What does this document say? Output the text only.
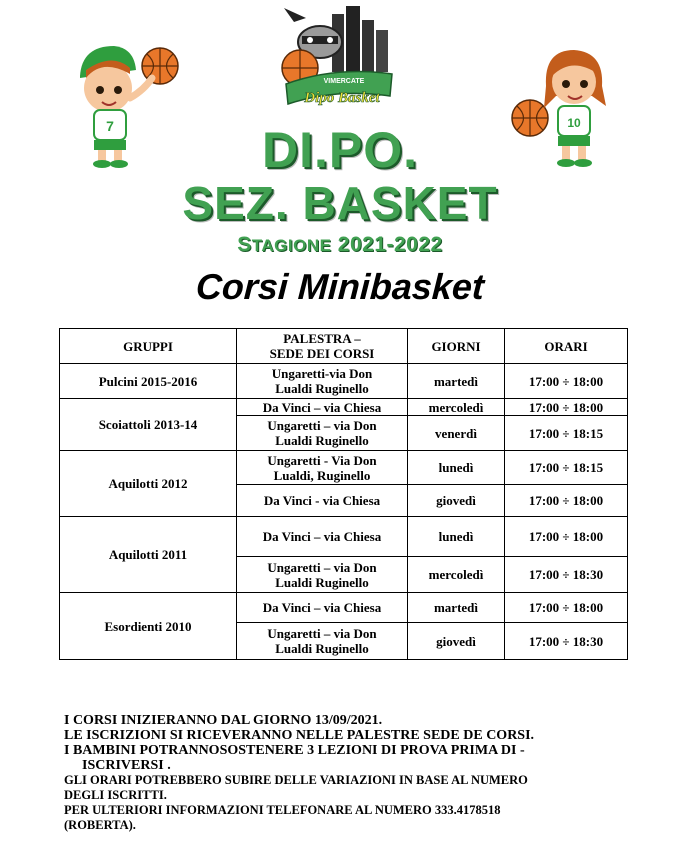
7
VIMERCATE
Dipo Basket
10
DI.PO.
SEZ. BASKET
STAGIONE 2021-2022
Corsi Minibasket
GRUPPI	PALESTRA –
SEDE DEI CORSI	GIORNI	ORARI
Pulcini 2015-2016	Ungaretti-via Don
Lualdi Ruginello	martedì	17:00 ÷ 18:00
Scoiattoli 2013-14	Da Vinci – via Chiesa	mercoledì	17:00 ÷ 18:00

	Ungaretti – via Don
Lualdi Ruginello	venerdì	17:00 ÷ 18:15
Aquilotti 2012	Ungaretti - Via Don
Lualdi, Ruginello	lunedì	17:00 ÷ 18:15
	Da Vinci - via Chiesa	giovedì	17:00 ÷ 18:00
Aquilotti 2011	Da Vinci – via Chiesa	lunedì	17:00 ÷ 18:00

	Ungaretti – via Don
Lualdi Ruginello	mercoledì	17:00 ÷ 18:30
Esordienti 2010	Da Vinci – via Chiesa	martedì	17:00 ÷ 18:00

	Ungaretti – via Don
Lualdi Ruginello	giovedì	17:00 ÷ 18:30
I CORSI INIZIERANNO DAL GIORNO 13/09/2021.
LE ISCRIZIONI SI RICEVERANNO NELLE PALESTRE SEDE DE CORSI.
I BAMBINI POTRANNOSOSTENERE 3 LEZIONI DI PROVA PRIMA DI -
ISCRIVERSI .
GLI ORARI POTREBBERO SUBIRE DELLE VARIAZIONI IN BASE AL NUMERO
DEGLI ISCRITTI.
PER ULTERIORI INFORMAZIONI TELEFONARE AL NUMERO 333.4178518
(ROBERTA).
